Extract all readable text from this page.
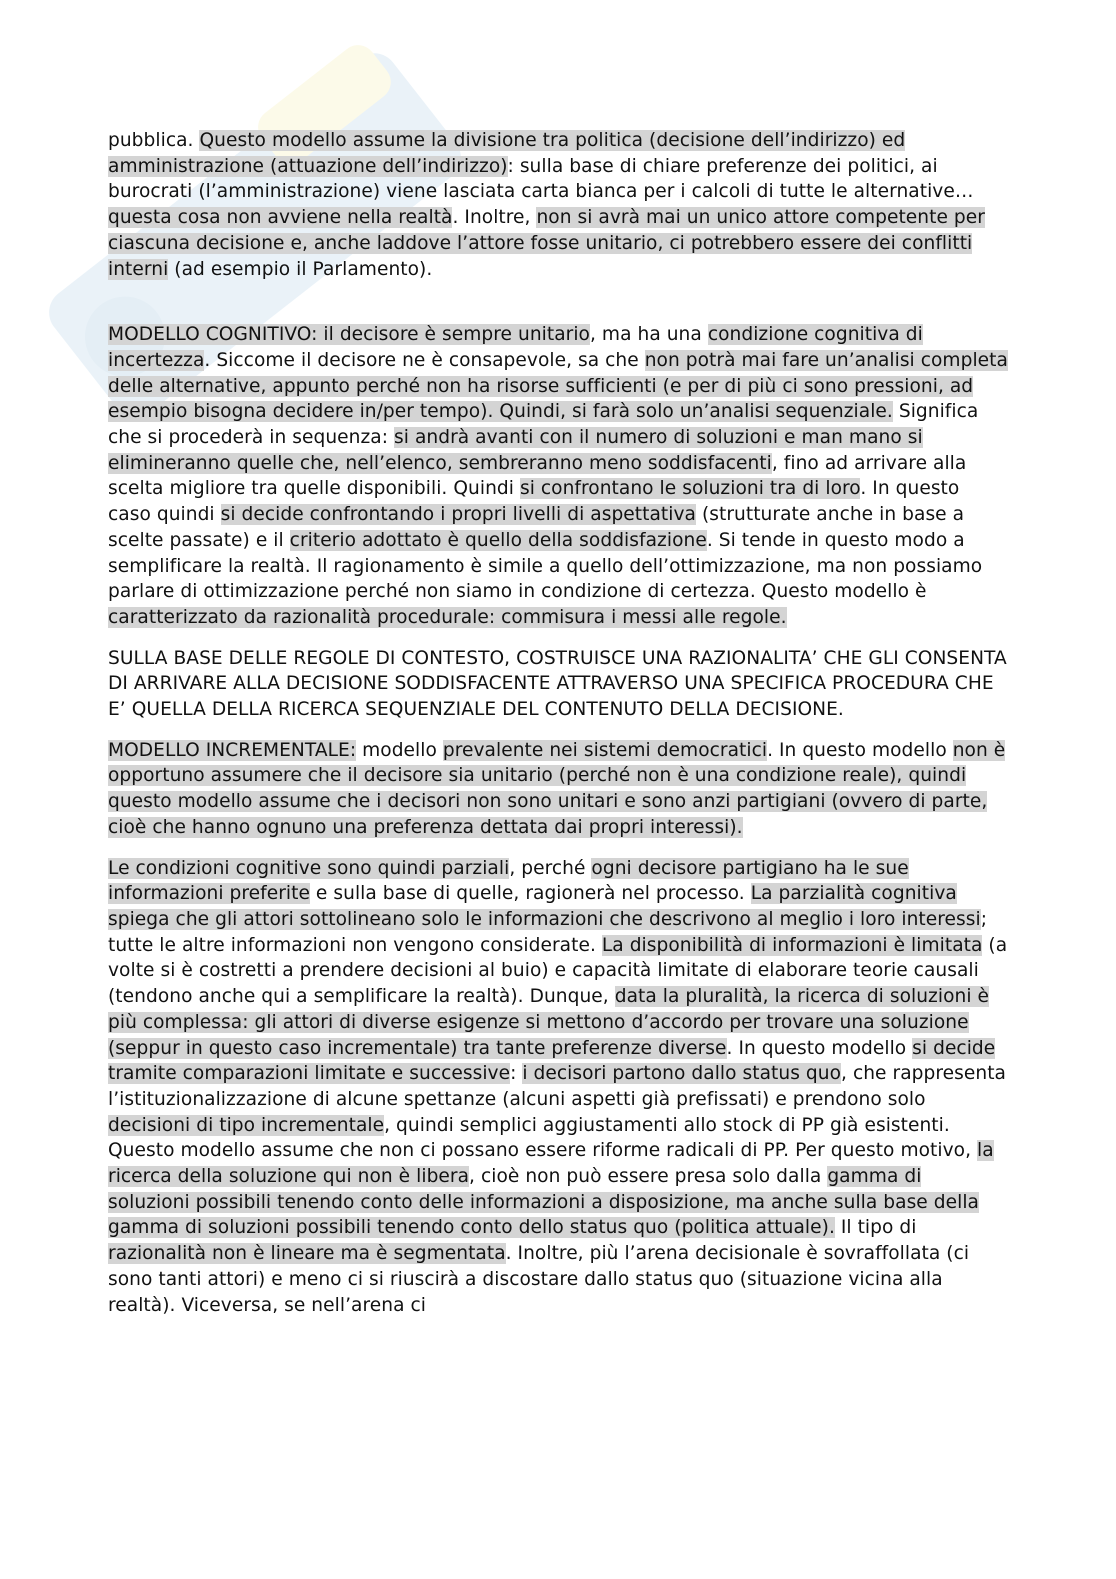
pubblica. Questo modello assume la divisione tra politica (decisione dell’indirizzo) ed amministrazione (attuazione dell’indirizzo): sulla base di chiare preferenze dei politici, ai burocrati (l’amministrazione) viene lasciata carta bianca per i calcoli di tutte le alternative… questa cosa non avviene nella realtà. Inoltre, non si avrà mai un unico attore competente per ciascuna decisione e, anche laddove l’attore fosse unitario, ci potrebbero essere dei conflitti interni (ad esempio il Parlamento).

MODELLO COGNITIVO: il decisore è sempre unitario, ma ha una condizione cognitiva di incertezza. Siccome il decisore ne è consapevole, sa che non potrà mai fare un’analisi completa delle alternative, appunto perché non ha risorse sufficienti (e per di più ci sono pressioni, ad esempio bisogna decidere in/per tempo). Quindi, si farà solo un’analisi sequenziale. Significa che si procederà in sequenza: si andrà avanti con il numero di soluzioni e man mano si elimineranno quelle che, nell’elenco, sembreranno meno soddisfacenti, fino ad arrivare alla scelta migliore tra quelle disponibili. Quindi si confrontano le soluzioni tra di loro. In questo caso quindi si decide confrontando i propri livelli di aspettativa (strutturate anche in base a scelte passate) e il criterio adottato è quello della soddisfazione. Si tende in questo modo a semplificare la realtà. Il ragionamento è simile a quello dell’ottimizzazione, ma non possiamo parlare di ottimizzazione perché non siamo in condizione di certezza. Questo modello è caratterizzato da razionalità procedurale: commisura i messi alle regole.

SULLA BASE DELLE REGOLE DI CONTESTO, COSTRUISCE UNA RAZIONALITA’ CHE GLI CONSENTA DI ARRIVARE ALLA DECISIONE SODDISFACENTE ATTRAVERSO UNA SPECIFICA PROCEDURA CHE E’ QUELLA DELLA RICERCA SEQUENZIALE DEL CONTENUTO DELLA DECISIONE.

MODELLO INCREMENTALE: modello prevalente nei sistemi democratici. In questo modello non è opportuno assumere che il decisore sia unitario (perché non è una condizione reale), quindi questo modello assume che i decisori non sono unitari e sono anzi partigiani (ovvero di parte, cioè che hanno ognuno una preferenza dettata dai propri interessi).

Le condizioni cognitive sono quindi parziali, perché ogni decisore partigiano ha le sue informazioni preferite e sulla base di quelle, ragionerà nel processo. La parzialità cognitiva spiega che gli attori sottolineano solo le informazioni che descrivono al meglio i loro interessi; tutte le altre informazioni non vengono considerate. La disponibilità di informazioni è limitata (a volte si è costretti a prendere decisioni al buio) e capacità limitate di elaborare teorie causali (tendono anche qui a semplificare la realtà). Dunque, data la pluralità, la ricerca di soluzioni è più complessa: gli attori di diverse esigenze si mettono d’accordo per trovare una soluzione (seppur in questo caso incrementale) tra tante preferenze diverse. In questo modello si decide tramite comparazioni limitate e successive: i decisori partono dallo status quo, che rappresenta l’istituzionalizzazione di alcune spettanze (alcuni aspetti già prefissati) e prendono solo decisioni di tipo incrementale, quindi semplici aggiustamenti allo stock di PP già esistenti. Questo modello assume che non ci possano essere riforme radicali di PP. Per questo motivo, la ricerca della soluzione qui non è libera, cioè non può essere presa solo dalla gamma di soluzioni possibili tenendo conto delle informazioni a disposizione, ma anche sulla base della gamma di soluzioni possibili tenendo conto dello status quo (politica attuale). Il tipo di razionalità non è lineare ma è segmentata. Inoltre, più l’arena decisionale è sovraffollata (ci sono tanti attori) e meno ci si riuscirà a discostare dallo status quo (situazione vicina alla realtà). Viceversa, se nell’arena ci
